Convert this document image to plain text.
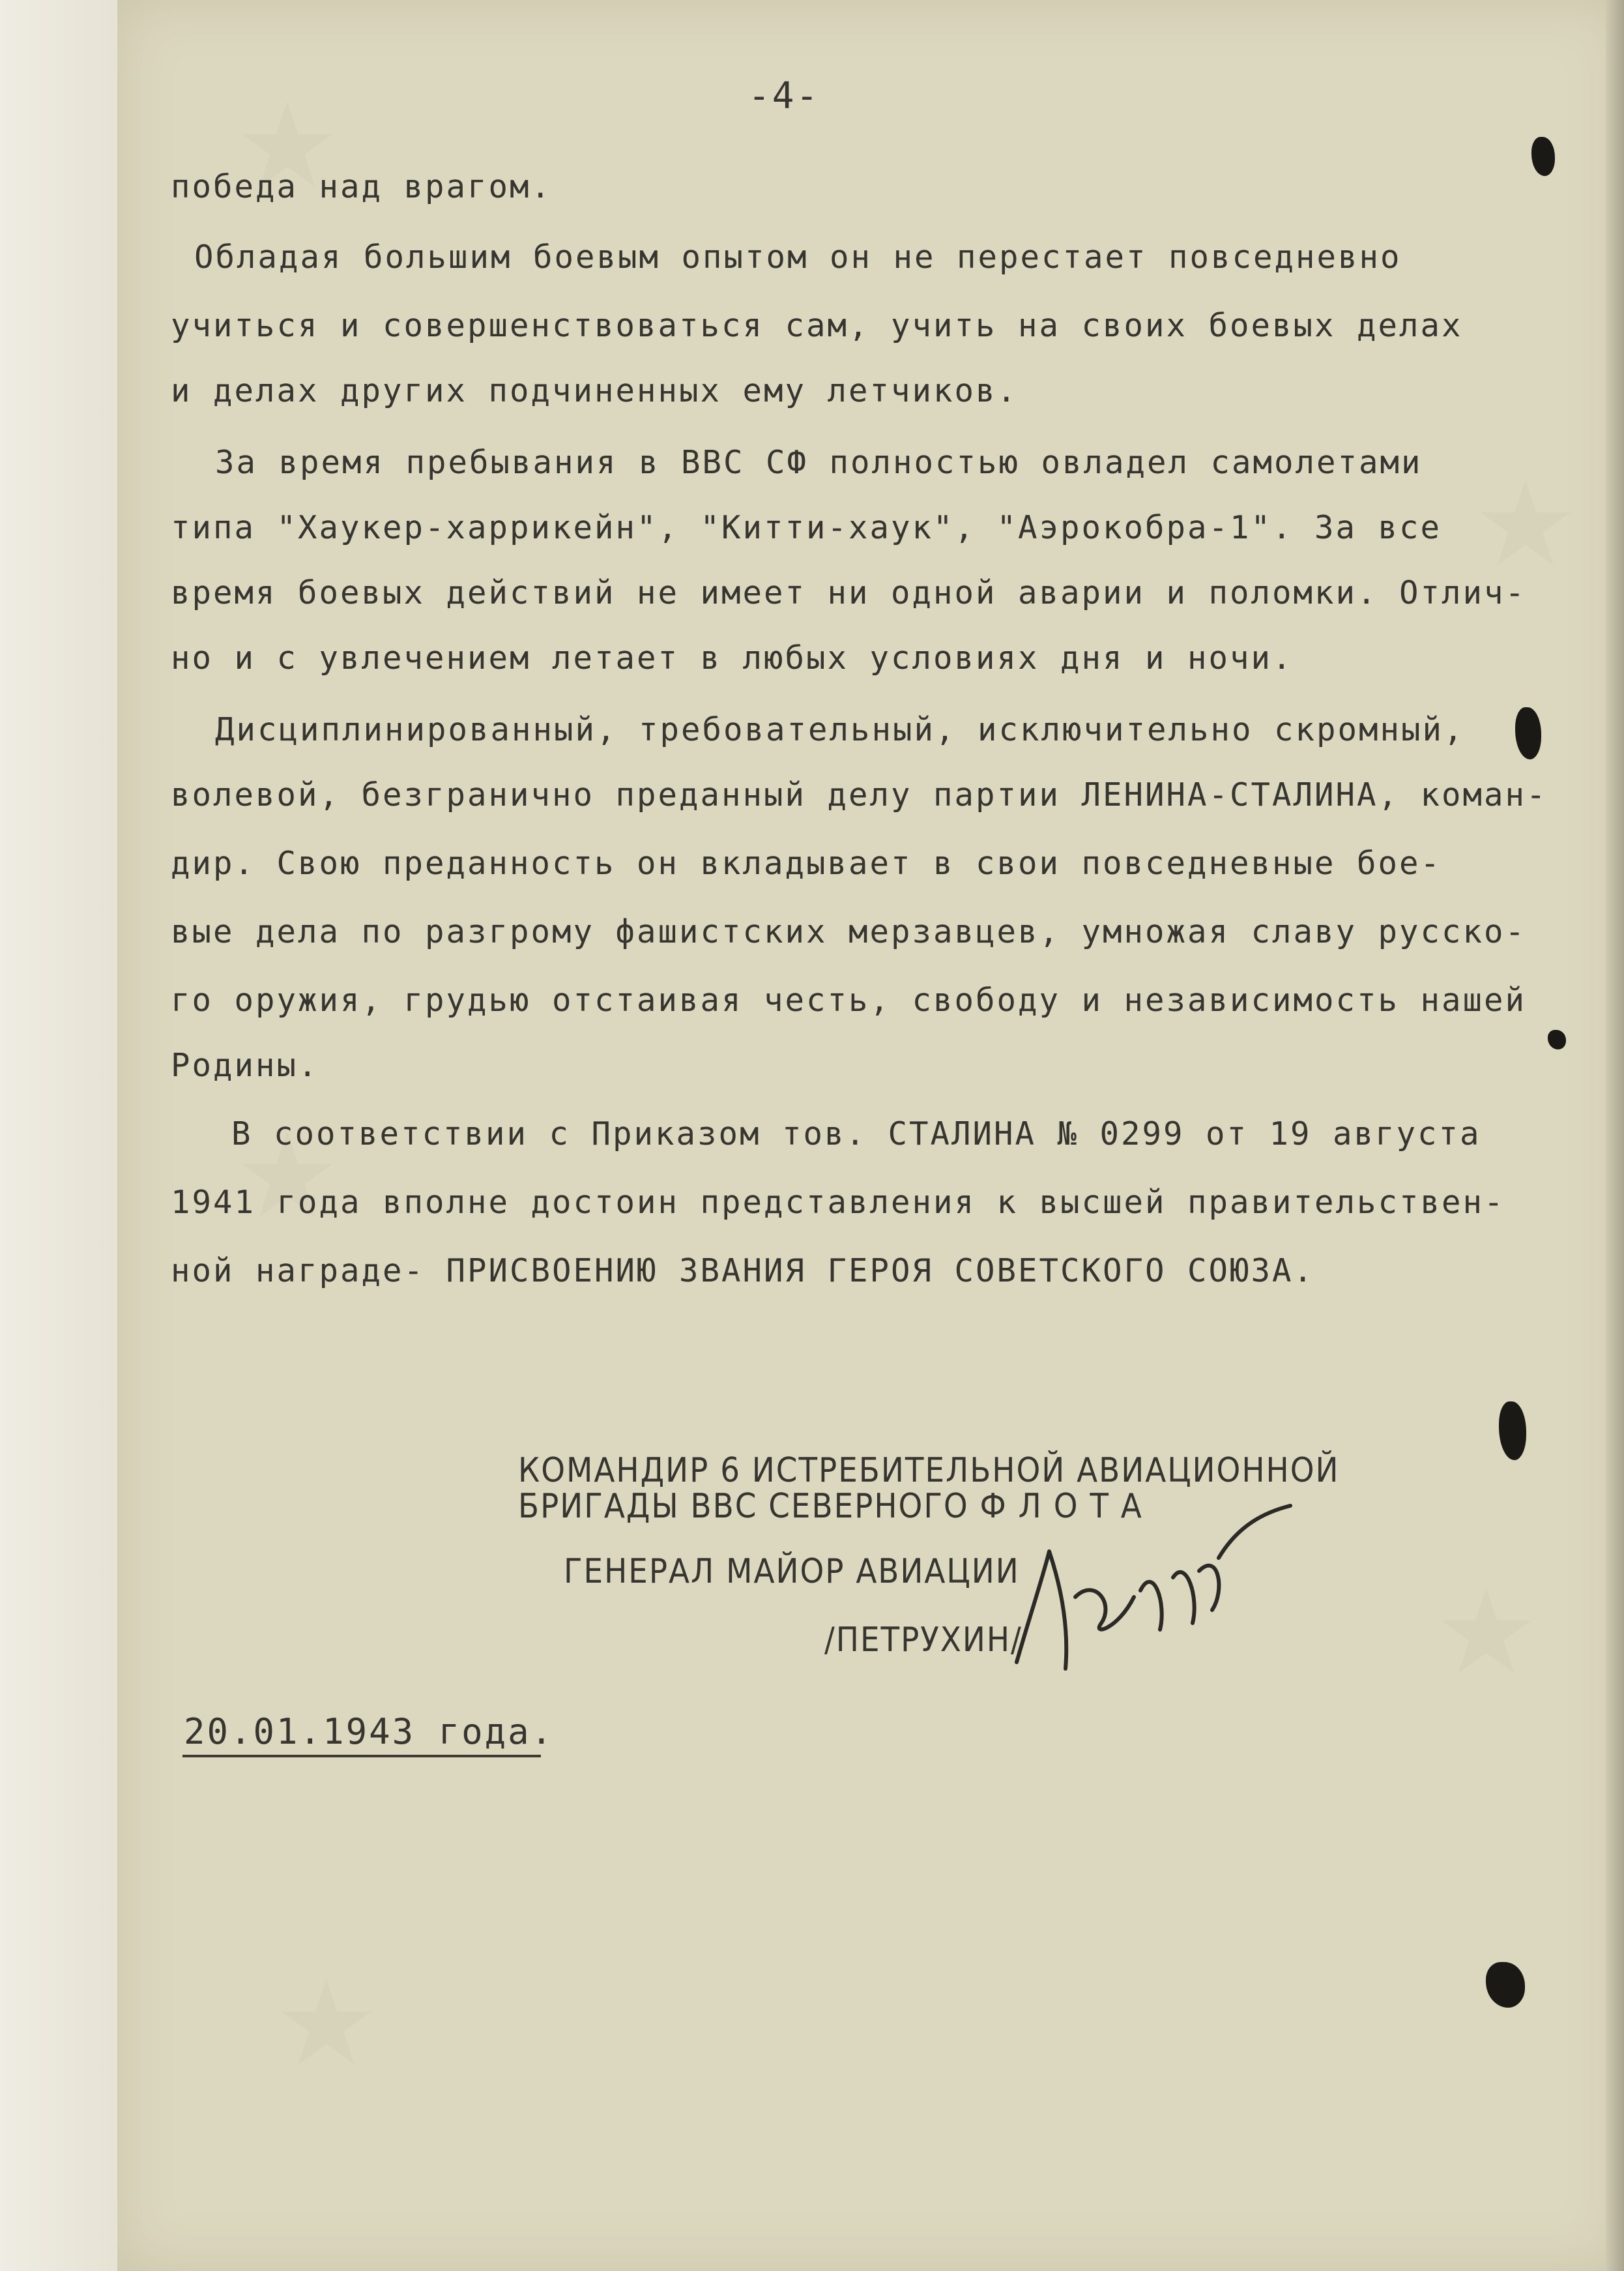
★
★
★
★
★
-4-
победа над врагом.
Обладая большим боевым опытом он не перестает повседневно
учиться и совершенствоваться сам, учить на своих боевых делах
и делах других подчиненных ему летчиков.
За время пребывания в ВВС СФ полностью овладел самолетами
типа "Хаукер-харрикейн", "Китти-хаук", "Аэрокобра-1". За все
время боевых действий не имеет ни одной аварии и поломки. Отлич-
но и с увлечением летает в любых условиях дня и ночи.
Дисциплинированный, требовательный, исключительно скромный,
волевой, безгранично преданный делу партии ЛЕНИНА-СТАЛИНА, коман-
дир. Свою преданность он вкладывает в свои повседневные бое-
вые дела по разгрому фашистских мерзавцев, умножая славу русско-
го оружия, грудью отстаивая честь, свободу и независимость нашей
Родины.
В соответствии с Приказом тов. СТАЛИНА № 0299 от 19 августа
1941 года вполне достоин представления к высшей правительствен-
ной награде- ПРИСВОЕНИЮ ЗВАНИЯ ГЕРОЯ СОВЕТСКОГО СОЮЗА.
КОМАНДИР 6 ИСТРЕБИТЕЛЬНОЙ АВИАЦИОННОЙ
БРИГАДЫ ВВС СЕВЕРНОГО Ф Л О Т А
ГЕНЕРАЛ МАЙОР АВИАЦИИ
/ПЕТРУХИН/
20.01.1943 года.
